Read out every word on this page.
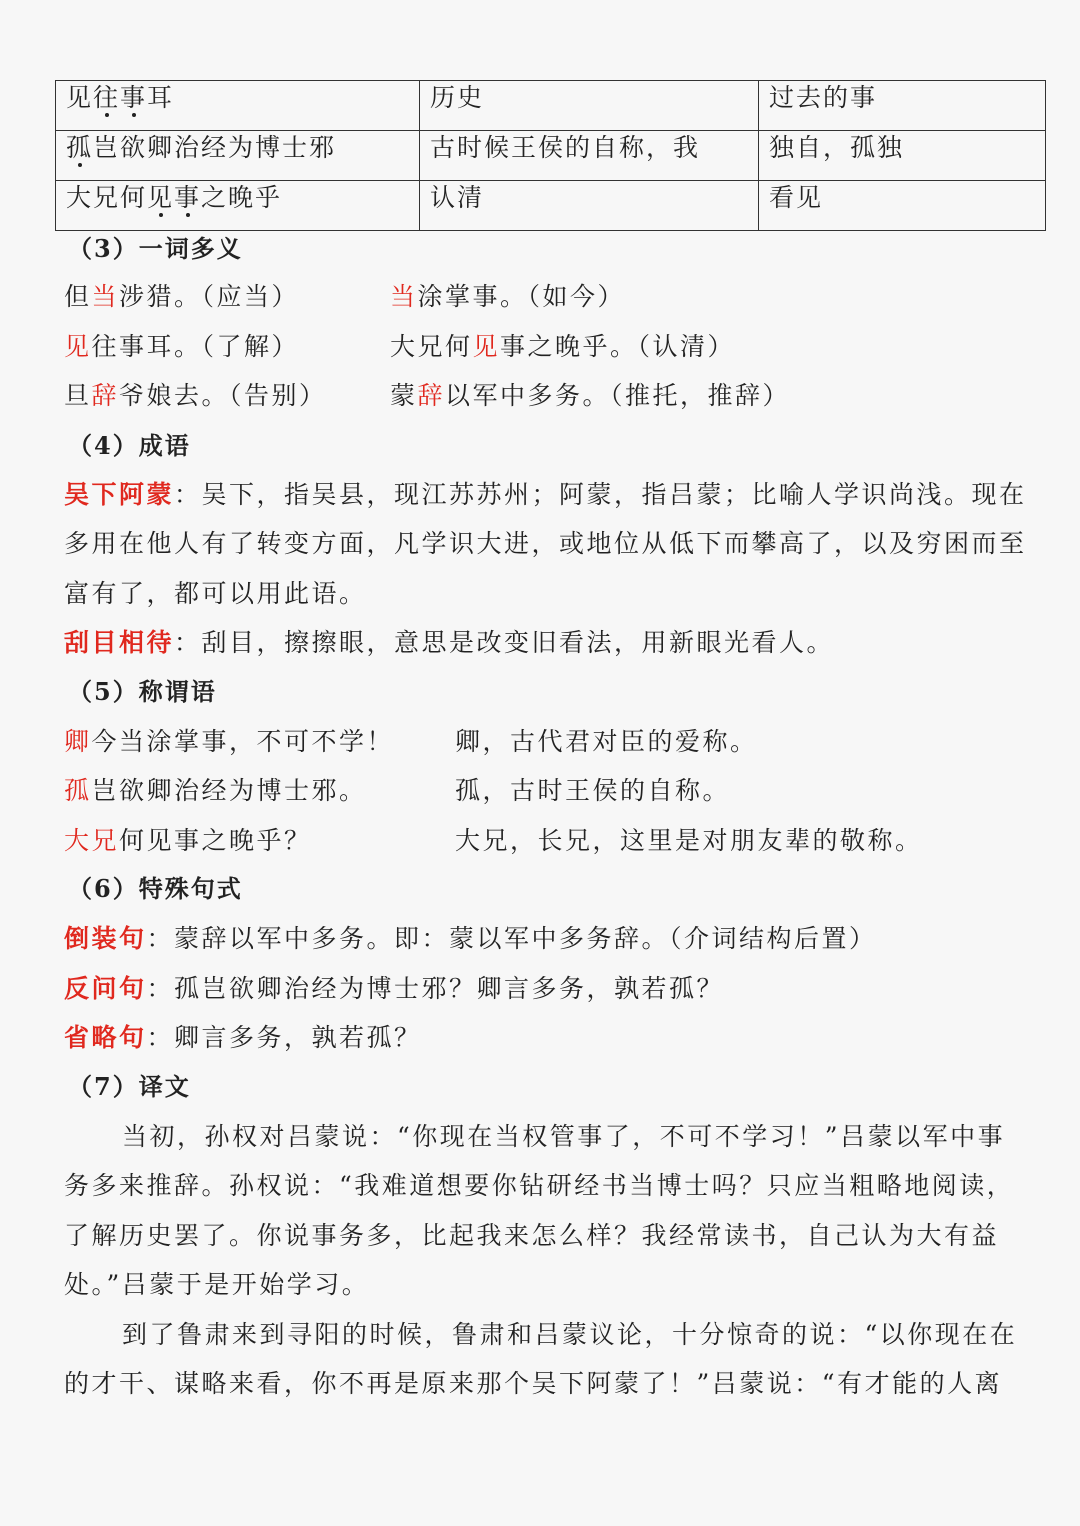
见往事耳	历史	过去的事
孤岂欲卿治经为博士邪	古时候王侯的自称，我	独自，孤独
大兄何见事之晚乎	认清	看见
（3）一词多义
但当涉猎。（应当）	当涂掌事。（如今）
见往事耳。（了解）	大兄何见事之晚乎。（认清）
旦辞爷娘去。（告别）	蒙辞以军中多务。（推托，推辞）
（4）成语
吴下阿蒙：吴下，指吴县，现江苏苏州；阿蒙，指吕蒙；比喻人学识尚浅。现在
多用在他人有了转变方面，凡学识大进，或地位从低下而攀高了，以及穷困而至
富有了，都可以用此语。
刮目相待：刮目，擦擦眼，意思是改变旧看法，用新眼光看人。
（5）称谓语
卿今当涂掌事，不可不学！ 卿，古代君对臣的爱称。
孤岂欲卿治经为博士邪。	孤，古时王侯的自称。
大兄何见事之晚乎？	大兄，长兄，这里是对朋友辈的敬称。
（6）特殊句式
倒装句：蒙辞以军中多务。即：蒙以军中多务辞。（介词结构后置）
反问句：孤岂欲卿治经为博士邪？卿言多务，孰若孤？
省略句：卿言多务，孰若孤？
（7）译文
当初，孙权对吕蒙说：“你现在当权管事了，不可不学习！”吕蒙以军中事
务多来推辞。孙权说：“我难道想要你钻研经书当博士吗？只应当粗略地阅读，
了解历史罢了。你说事务多，比起我来怎么样？我经常读书，自己认为大有益
处。”吕蒙于是开始学习。
到了鲁肃来到寻阳的时候，鲁肃和吕蒙议论，十分惊奇的说：“以你现在在
的才干、谋略来看，你不再是原来那个吴下阿蒙了！”吕蒙说：“有才能的人离
